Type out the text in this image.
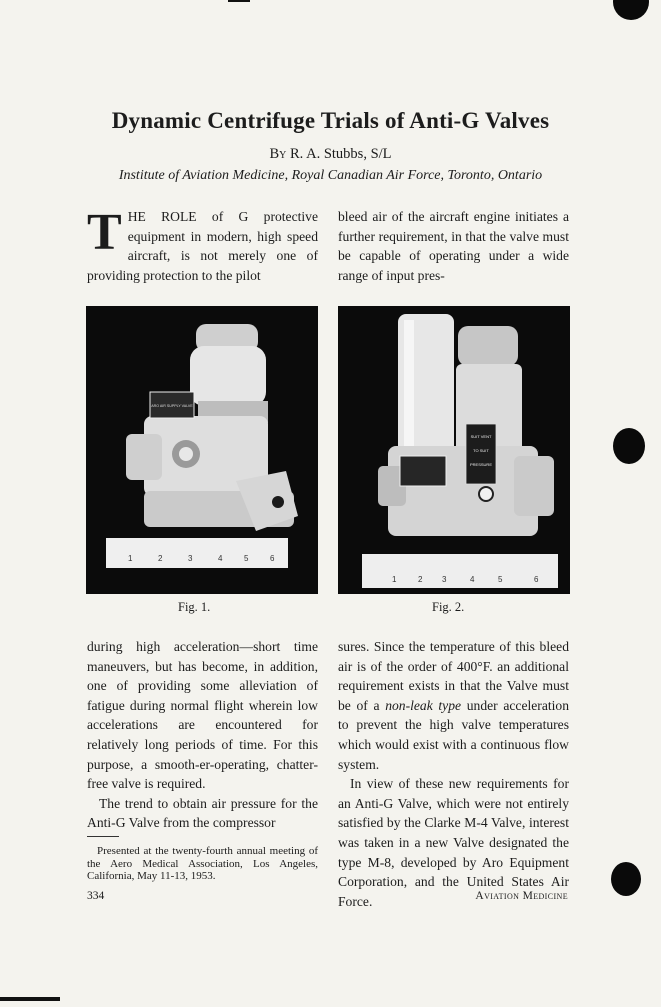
Dynamic Centrifuge Trials of Anti-G Valves
By R. A. Stubbs, S/L
Institute of Aviation Medicine, Royal Canadian Air Force, Toronto, Ontario
THE ROLE of G protective equipment in modern, high speed aircraft, is not merely one of providing protection to the pilot
bleed air of the aircraft engine initiates a further requirement, in that the valve must be capable of operating under a wide range of input pres-
ARO AIR SUPPLY VALVE
1	2	3	4	5	6
Fig. 1.
SUIT VENT
TO SUIT
PRESSURE
1	2 3	4	5	6
Fig. 2.

during high acceleration—short time maneuvers, but has become, in addition, one of providing some alleviation of fatigue during normal flight wherein low accelerations are encountered for relatively long periods of time. For this purpose, a smooth-er-operating, chatter-free valve is required.

The trend to obtain air pressure for the Anti-G Valve from the compressor

Presented at the twenty-fourth annual meeting of the Aero Medical Association, Los Angeles, California, May 11-13, 1953.

sures. Since the temperature of this bleed air is of the order of 400°F. an additional requirement exists in that the Valve must be of a non-leak type under acceleration to prevent the high valve temperatures which would exist with a continuous flow system.

In view of these new requirements for an Anti-G Valve, which were not entirely satisfied by the Clarke M-4 Valve, interest was taken in a new Valve designated the type M-8, developed by Aro Equipment Corporation, and the United States Air Force.

334	Aviation Medicine
